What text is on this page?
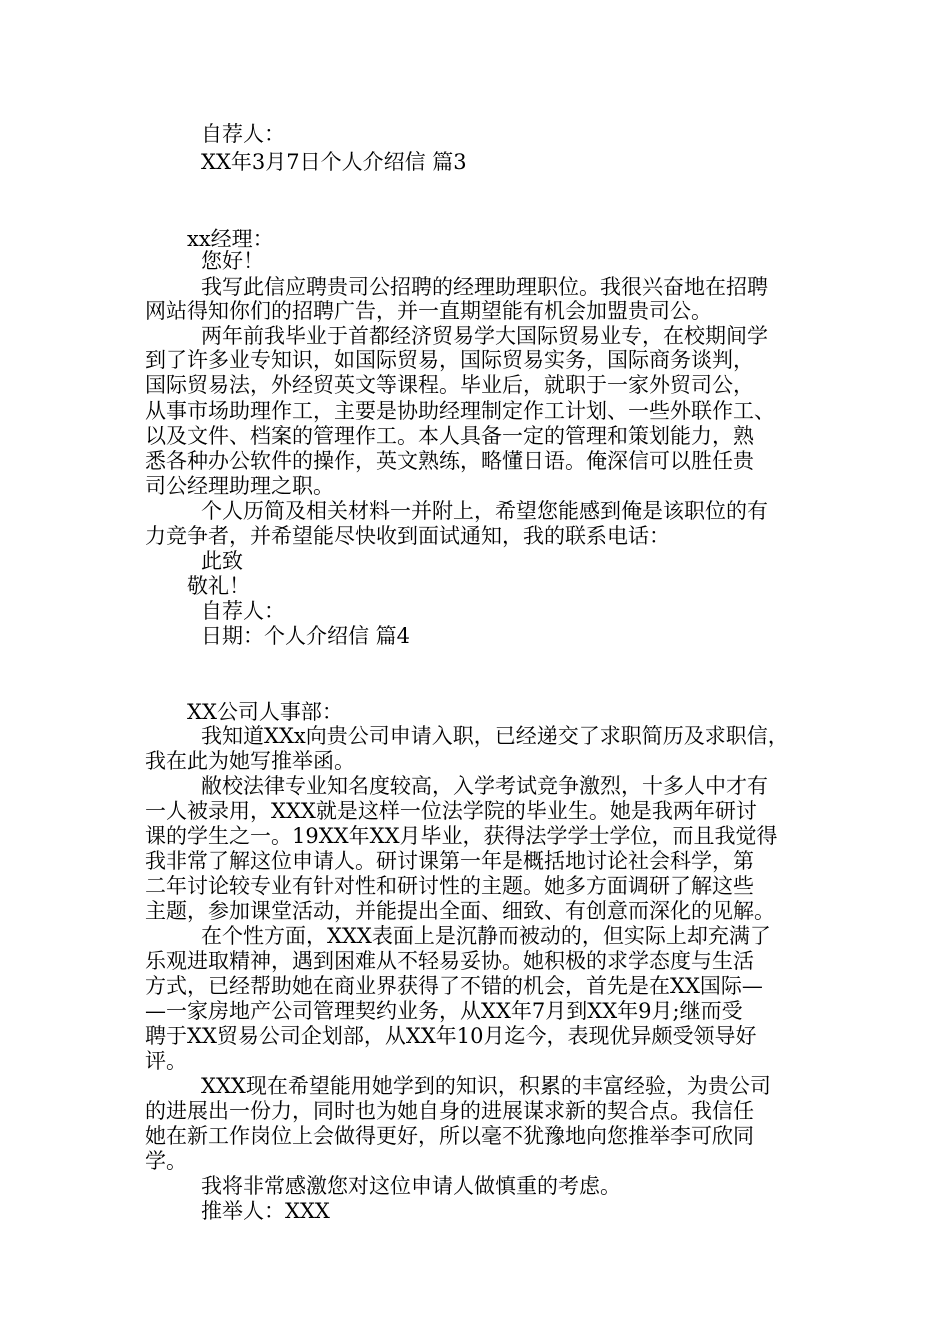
自荐人：
XX年3月7日个人介绍信 篇3
xx经理：
您好！
我写此信应聘贵司公招聘的经理助理职位。我很兴奋地在招聘
网站得知你们的招聘广告，并一直期望能有机会加盟贵司公。
两年前我毕业于首都经济贸易学大国际贸易业专，在校期间学
到了许多业专知识，如国际贸易，国际贸易实务，国际商务谈判，
国际贸易法，外经贸英文等课程。毕业后，就职于一家外贸司公，
从事市场助理作工，主要是协助经理制定作工计划、一些外联作工、
以及文件、档案的管理作工。本人具备一定的管理和策划能力，熟
悉各种办公软件的操作，英文熟练，略懂日语。俺深信可以胜任贵
司公经理助理之职。
个人历简及相关材料一并附上，希望您能感到俺是该职位的有
力竞争者，并希望能尽快收到面试通知，我的联系电话：
此致
敬礼！
自荐人：
日期：个人介绍信 篇4
XX公司人事部：
我知道XXx向贵公司申请入职，已经递交了求职简历及求职信，
我在此为她写推举函。
敝校法律专业知名度较高，入学考试竞争激烈，十多人中才有
一人被录用，XXX就是这样一位法学院的毕业生。她是我两年研讨
课的学生之一。19XX年XX月毕业，获得法学学士学位，而且我觉得
我非常了解这位申请人。研讨课第一年是概括地讨论社会科学，第
二年讨论较专业有针对性和研讨性的主题。她多方面调研了解这些
主题，参加课堂活动，并能提出全面、细致、有创意而深化的见解。
在个性方面，XXX表面上是沉静而被动的，但实际上却充满了
乐观进取精神，遇到困难从不轻易妥协。她积极的求学态度与生活
方式，已经帮助她在商业界获得了不错的机会，首先是在XX国际—
—一家房地产公司管理契约业务，从XX年7月到XX年9月;继而受
聘于XX贸易公司企划部，从XX年10月迄今，表现优异颇受领导好
评。
XXX现在希望能用她学到的知识，积累的丰富经验，为贵公司
的进展出一份力，同时也为她自身的进展谋求新的契合点。我信任
她在新工作岗位上会做得更好，所以毫不犹豫地向您推举李可欣同
学。
我将非常感激您对这位申请人做慎重的考虑。
推举人：XXX
